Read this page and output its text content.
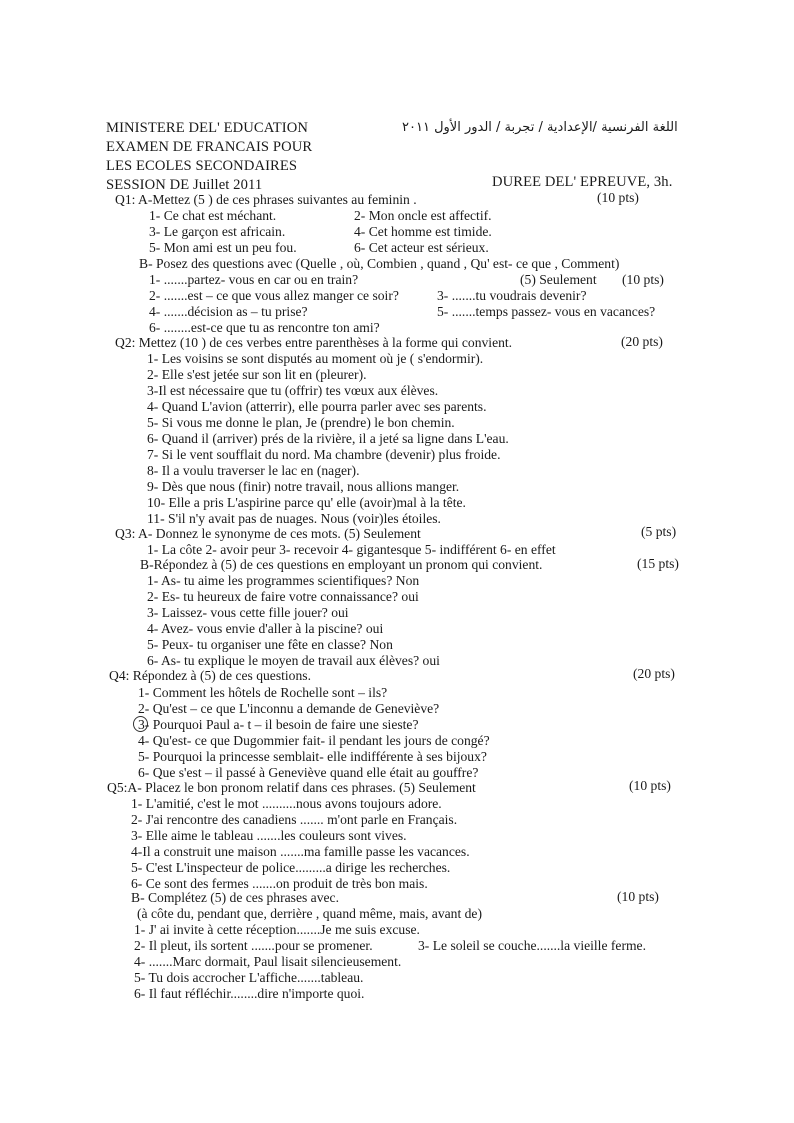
اللغة الفرنسية /الإعدادية / تجربة / الدور الأول ٢٠١١
MINISTERE DEL' EDUCATION
EXAMEN DE FRANCAIS POUR
LES ECOLES SECONDAIRES
SESSION DE Juillet 2011	DUREE DEL' EPREUVE, 3h.
Q1: A-Mettez (5 ) de ces phrases suivantes au feminin .	(10 pts)
1- Ce chat est méchant.	2- Mon oncle est affectif.
3- Le garçon est africain.	4- Cet homme est timide.
5- Mon ami est un peu fou.	6- Cet acteur est sérieux.
B- Posez des questions avec (Quelle , où, Combien , quand , Qu' est- ce que , Comment)
1- .......partez- vous en car ou en train?	(5) Seulement (10 pts)
2- .......est – ce que vous allez manger ce soir?	3- .......tu voudrais devenir?
4- .......décision as – tu prise?	5- .......temps passez- vous en vacances?
6- ........est-ce que tu as rencontre ton ami?
Q2: Mettez (10 ) de ces verbes entre parenthèses à la forme qui convient.	(20 pts)
1- Les voisins se sont disputés au moment où je ( s'endormir).
2- Elle s'est jetée sur son lit en (pleurer).
3-Il est nécessaire que tu (offrir) tes vœux aux élèves.
4- Quand L'avion (atterrir), elle pourra parler avec ses parents.
5- Si vous me donne le plan, Je (prendre) le bon chemin.
6- Quand il (arriver) prés de la rivière, il a jeté sa ligne dans L'eau.
7- Si le vent soufflait du nord. Ma chambre (devenir) plus froide.
8- Il a voulu traverser le lac en (nager).
9- Dès que nous (finir) notre travail, nous allions manger.
10- Elle a pris L'aspirine parce qu' elle (avoir)mal à la tête.
11- S'il n'y avait pas de nuages. Nous (voir)les étoiles.
Q3: A- Donnez le synonyme de ces mots. (5) Seulement	(5 pts)
1- La côte 2- avoir peur 3- recevoir 4- gigantesque 5- indifférent 6- en effet
B-Répondez à (5) de ces questions en employant un pronom qui convient.	(15 pts)
1- As- tu aime les programmes scientifiques? Non
2- Es- tu heureux de faire votre connaissance? oui
3- Laissez- vous cette fille jouer? oui
4- Avez- vous envie d'aller à la piscine? oui
5- Peux- tu organiser une fête en classe? Non
6- As- tu explique le moyen de travail aux élèves? oui
Q4: Répondez à (5) de ces questions.	(20 pts)
1- Comment les hôtels de Rochelle sont – ils?
2- Qu'est – ce que L'inconnu a demande de Geneviève?
3- Pourquoi Paul a- t – il besoin de faire une sieste?
4- Qu'est- ce que Dugommier fait- il pendant les jours de congé?
5- Pourquoi la princesse semblait- elle indifférente à ses bijoux?
6- Que s'est – il passé à Geneviève quand elle était au gouffre?
Q5:A- Placez le bon pronom relatif dans ces phrases. (5) Seulement	(10 pts)
1- L'amitié, c'est le mot ..........nous avons toujours adore.
2- J'ai rencontre des canadiens ....... m'ont parle en Français.
3- Elle aime le tableau .......les couleurs sont vives.
4-Il a construit une maison .......ma famille passe les vacances.
5- C'est L'inspecteur de police.........a dirige les recherches.
6- Ce sont des fermes .......on produit de très bon mais.
B- Complétez (5) de ces phrases avec.	(10 pts)
(à côte du, pendant que, derrière , quand même, mais, avant de)
1- J' ai invite à cette réception.......Je me suis excuse.
2- Il pleut, ils sortent .......pour se promener.	3- Le soleil se couche.......la vieille ferme.
4- .......Marc dormait, Paul lisait silencieusement.
5- Tu dois accrocher L'affiche.......tableau.
6- Il faut réfléchir........dire n'importe quoi.
